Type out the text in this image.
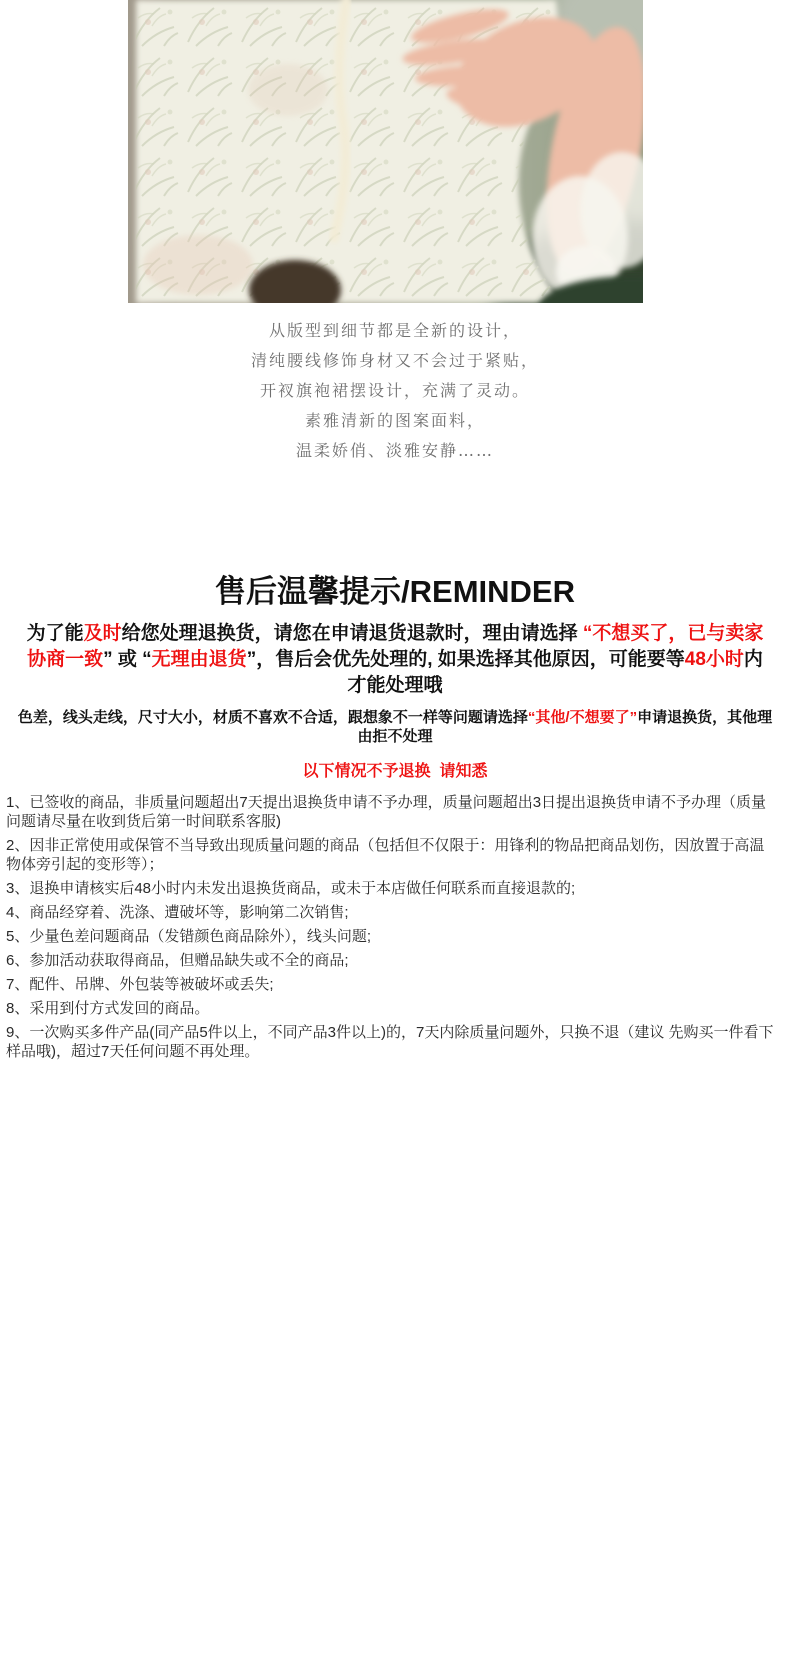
从版型到细节都是全新的设计，
清纯腰线修饰身材又不会过于紧贴，
开衩旗袍裙摆设计，充满了灵动。
素雅清新的图案面料，
温柔娇俏、淡雅安静……
售后温馨提示/REMINDER

为了能及时给您处理退换货，请您在申请退货退款时，理由请选择 “不想买了，已与卖家协商一致” 或 “无理由退货”，售后会优先处理的, 如果选择其他原因，可能要等48小时内才能处理哦

色差，线头走线，尺寸大小，材质不喜欢不合适，跟想象不一样等问题请选择“其他/不想要了”申请退换货，其他理由拒不处理

以下情况不予退换  请知悉

1、已签收的商品，非质量问题超出7天提出退换货申请不予办理，质量问题超出3日提出退换货申请不予办理（质量问题请尽量在收到货后第一时间联系客服)

2、因非正常使用或保管不当导致出现质量问题的商品（包括但不仅限于：用锋利的物品把商品划伤，因放置于高温物体旁引起的变形等）；

3、退换申请核实后48小时内未发出退换货商品，或未于本店做任何联系而直接退款的;

4、商品经穿着、洗涤、遭破坏等，影响第二次销售;

5、少量色差问题商品（发错颜色商品除外），线头问题;

6、参加活动获取得商品，但赠品缺失或不全的商品;

7、配件、吊牌、外包装等被破坏或丢失;

8、采用到付方式发回的商品。

9、一次购买多件产品(同产品5件以上，不同产品3件以上)的，7天内除质量问题外，只换不退（建议 先购买一件看下样品哦)，超过7天任何问题不再处理。
